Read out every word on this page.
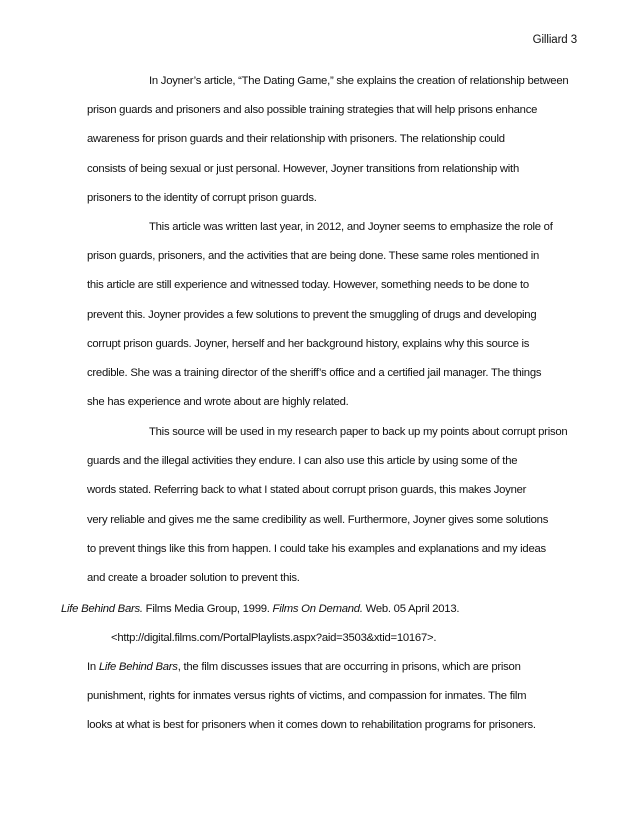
Gilliard 3
In Joyner’s article, “The Dating Game,” she explains the creation of relationship between
prison guards and prisoners and also possible training strategies that will help prisons enhance
awareness for prison guards and their relationship with prisoners. The relationship could
consists of being sexual or just personal. However, Joyner transitions from relationship with
prisoners to the identity of corrupt prison guards.
This article was written last year, in 2012, and Joyner seems to emphasize the role of
prison guards, prisoners, and the activities that are being done. These same roles mentioned in
this article are still experience and witnessed today. However, something needs to be done to
prevent this. Joyner provides a few solutions to prevent the smuggling of drugs and developing
corrupt prison guards. Joyner, herself and her background history, explains why this source is
credible. She was a training director of the sheriff’s office and a certified jail manager. The things
she has experience and wrote about are highly related.
This source will be used in my research paper to back up my points about corrupt prison
guards and the illegal activities they endure. I can also use this article by using some of the
words stated. Referring back to what I stated about corrupt prison guards, this makes Joyner
very reliable and gives me the same credibility as well. Furthermore, Joyner gives some solutions
to prevent things like this from happen. I could take his examples and explanations and my ideas
and create a broader solution to prevent this.
Life Behind Bars. Films Media Group, 1999. Films On Demand. Web. 05 April 2013.
<http://digital.films.com/PortalPlaylists.aspx?aid=3503&xtid=10167>.
In Life Behind Bars, the film discusses issues that are occurring in prisons, which are prison
punishment, rights for inmates versus rights of victims, and compassion for inmates. The film
looks at what is best for prisoners when it comes down to rehabilitation programs for prisoners.
